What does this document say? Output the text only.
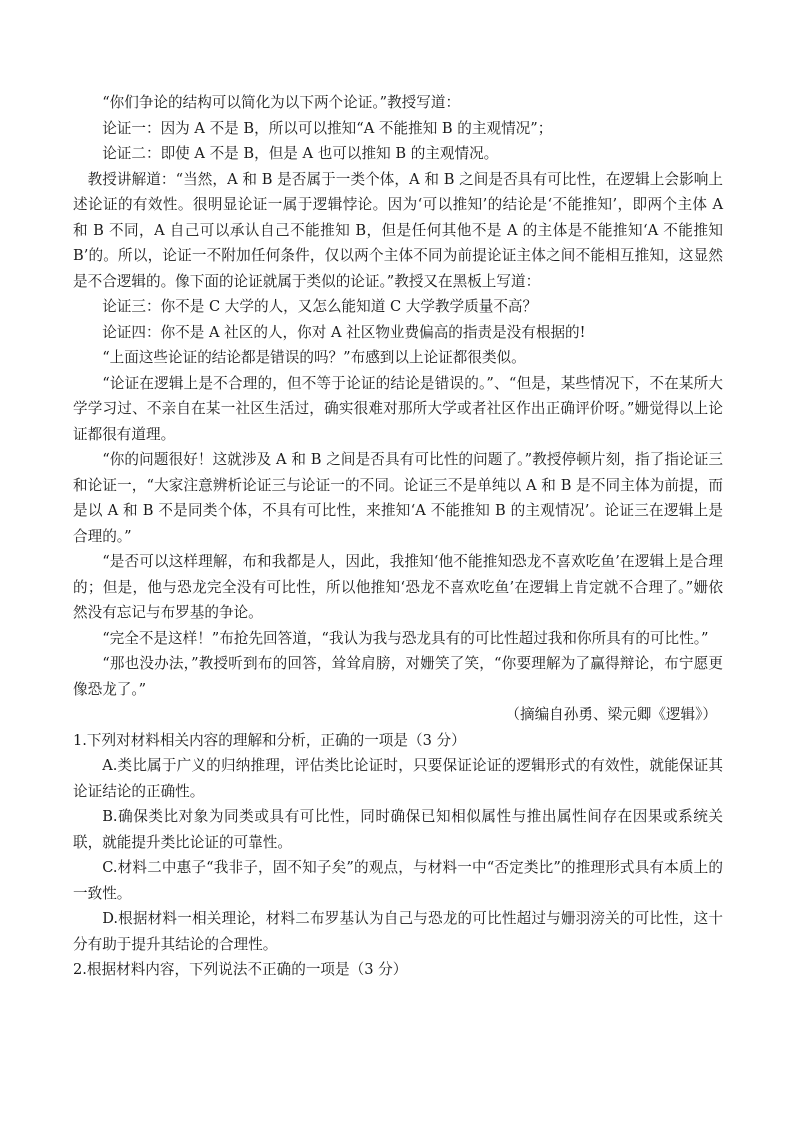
“你们争论的结构可以简化为以下两个论证。”教授写道：

论证一：因为 A 不是 B，所以可以推知“A 不能推知 B 的主观情况”；

论证二：即使 A 不是 B，但是 A 也可以推知 B 的主观情况。

教授讲解道：“当然，A 和 B 是否属于一类个体，A 和 B 之间是否具有可比性，在逻辑上会影响上述论证的有效性。很明显论证一属于逻辑悖论。因为‘可以推知’的结论是‘不能推知’，即两个主体 A 和 B 不同，A 自己可以承认自己不能推知 B，但是任何其他不是 A 的主体是不能推知‘A 不能推知 B’的。所以，论证一不附加任何条件，仅以两个主体不同为前提论证主体之间不能相互推知，这显然是不合逻辑的。像下面的论证就属于类似的论证。”教授又在黑板上写道：

论证三：你不是 C 大学的人，又怎么能知道 C 大学教学质量不高？

论证四：你不是 A 社区的人，你对 A 社区物业费偏高的指责是没有根据的!

“上面这些论证的结论都是错误的吗？”布感到以上论证都很类似。

“论证在逻辑上是不合理的，但不等于论证的结论是错误的。”、“但是，某些情况下，不在某所大学学习过、不亲自在某一社区生活过，确实很难对那所大学或者社区作出正确评价呀。”姗觉得以上论证都很有道理。

“你的问题很好！这就涉及 A 和 B 之间是否具有可比性的问题了。”教授停顿片刻，指了指论证三和论证一，“大家注意辨析论证三与论证一的不同。论证三不是单纯以 A 和 B 是不同主体为前提，而是以 A 和 B 不是同类个体，不具有可比性，来推知‘A 不能推知 B 的主观情况’。论证三在逻辑上是合理的。”

“是否可以这样理解，布和我都是人，因此，我推知‘他不能推知恐龙不喜欢吃鱼’在逻辑上是合理的；但是，他与恐龙完全没有可比性，所以他推知‘恐龙不喜欢吃鱼’在逻辑上肯定就不合理了。”姗依然没有忘记与布罗基的争论。

“完全不是这样！”布抢先回答道，“我认为我与恐龙具有的可比性超过我和你所具有的可比性。”

“那也没办法，”教授听到布的回答，耸耸肩膀，对姗笑了笑，“你要理解为了赢得辩论，布宁愿更像恐龙了。”

（摘编自孙勇、梁元卿《逻辑》）

1.下列对材料相关内容的理解和分析，正确的一项是（3 分）

A.类比属于广义的归纳推理，评估类比论证时，只要保证论证的逻辑形式的有效性，就能保证其论证结论的正确性。

B.确保类比对象为同类或具有可比性，同时确保已知相似属性与推出属性间存在因果或系统关联，就能提升类比论证的可靠性。

C.材料二中惠子“我非子，固不知子矣”的观点，与材料一中“否定类比”的推理形式具有本质上的一致性。

D.根据材料一相关理论，材料二布罗基认为自己与恐龙的可比性超过与姗羽滂关的可比性，这十分有助于提升其结论的合理性。

2.根据材料内容，下列说法不正确的一项是（3 分）
